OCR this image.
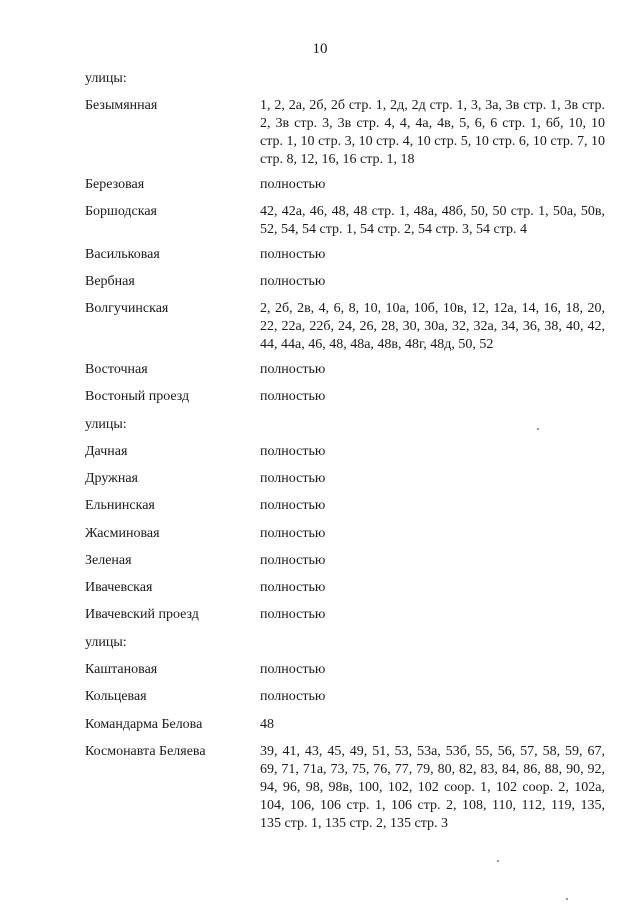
10
улицы:
Безымянная	1, 2, 2а, 2б, 2б стр. 1, 2д, 2д стр. 1, 3, 3а, 3в стр. 1, 3в стр. 2, 3в стр. 3, 3в стр. 4, 4, 4а, 4в, 5, 6, 6 стр. 1, 6б, 10, 10 стр. 1, 10 стр. 3, 10 стр. 4, 10 стр. 5, 10 стр. 6, 10 стр. 7, 10 стр. 8, 12, 16, 16 стр. 1, 18
Березовая	полностью
Боршодская	42, 42а, 46, 48, 48 стр. 1, 48а, 48б, 50, 50 стр. 1, 50а, 50в, 52, 54, 54 стр. 1, 54 стр. 2, 54 стр. 3, 54 стр. 4
Васильковая	полностью
Вербная	полностью
Волгучинская	2, 2б, 2в, 4, 6, 8, 10, 10а, 10б, 10в, 12, 12а, 14, 16, 18, 20, 22, 22а, 22б, 24, 26, 28, 30, 30а, 32, 32а, 34, 36, 38, 40, 42, 44, 44а, 46, 48, 48а, 48в, 48г, 48д, 50, 52
Восточная	полностью
Востоный проезд	полностью
улицы:
Дачная	полностью
Дружная	полностью
Ельнинская	полностью
Жасминовая	полностью
Зеленая	полностью
Ивачевская	полностью
Ивачевский проезд	полностью
улицы:
Каштановая	полностью
Кольцевая	полностью
Командарма Белова	48
Космонавта Беляева	39, 41, 43, 45, 49, 51, 53, 53а, 53б, 55, 56, 57, 58, 59, 67, 69, 71, 71а, 73, 75, 76, 77, 79, 80, 82, 83, 84, 86, 88, 90, 92, 94, 96, 98, 98в, 100, 102, 102 соор. 1, 102 соор. 2, 102а, 104, 106, 106 стр. 1, 106 стр. 2, 108, 110, 112, 119, 135, 135 стр. 1, 135 стр. 2, 135 стр. 3
